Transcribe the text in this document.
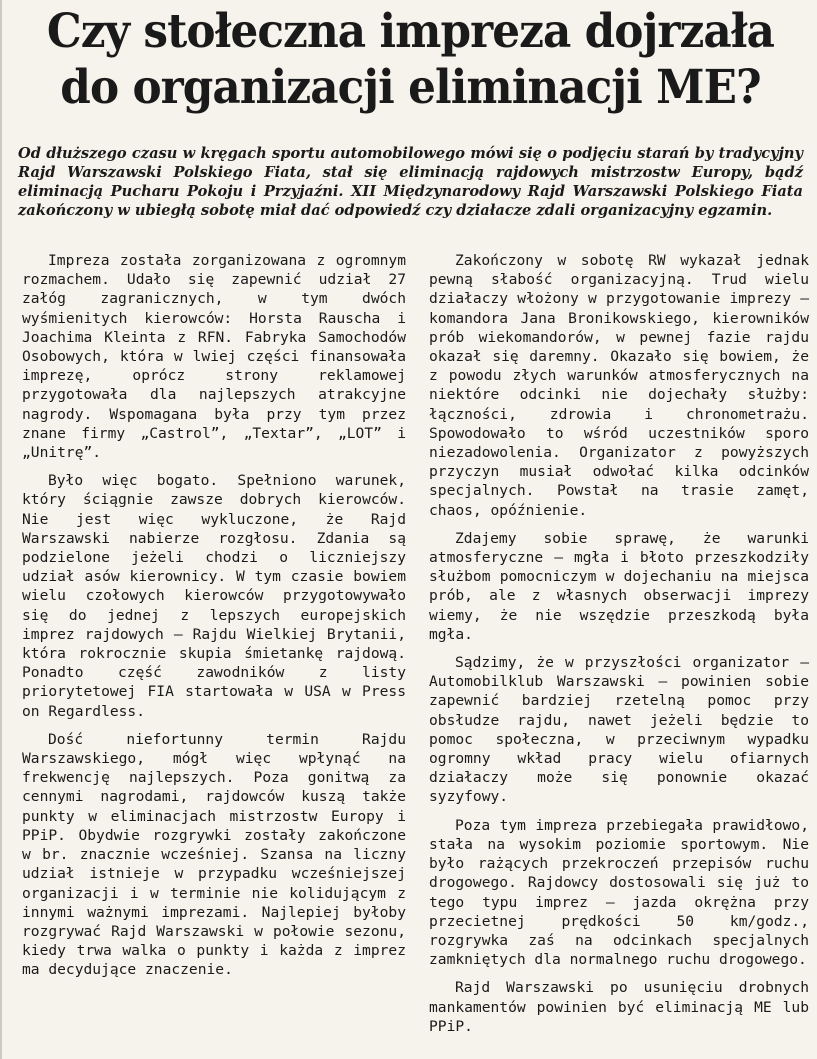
Czy stołeczna impreza dojrzała do organizacji eliminacji ME?

Od dłuższego czasu w kręgach sportu automobilowego mówi się o podjęciu starań by tradycyjny Rajd Warszawski Polskiego Fiata, stał się eliminacją rajdowych mistrzostw Europy, bądź eliminacją Pucharu Pokoju i Przyjaźni. XII Międzynarodowy Rajd Warszawski Polskiego Fiata zakończony w ubiegłą sobotę miał dać odpowiedź czy działacze zdali organizacyjny egzamin.

Impreza została zorganizowana z ogromnym rozmachem. Udało się zapewnić udział 27 załóg zagranicznych, w tym dwóch wyśmienitych kierowców: Horsta Rauscha i Joachima Kleinta z RFN. Fabryka Samochodów Osobowych, która w lwiej części finansowała imprezę, oprócz strony reklamowej przygotowała dla najlepszych atrakcyjne nagrody. Wspomagana była przy tym przez znane firmy „Castrol”, „Textar”, „LOT” i „Unitrę”.

Było więc bogato. Spełniono warunek, który ściągnie zawsze dobrych kierowców. Nie jest więc wykluczone, że Rajd Warszawski nabierze rozgłosu. Zdania są podzielone jeżeli chodzi o liczniejszy udział asów kierownicy. W tym czasie bowiem wielu czołowych kierowców przygotowywało się do jednej z lepszych europejskich imprez rajdowych — Rajdu Wielkiej Brytanii, która rokrocznie skupia śmietankę rajdową. Ponadto część zawodników z listy priorytetowej FIA startowała w USA w Press on Regardless.

Dość niefortunny termin Rajdu Warszawskiego, mógł więc wpłynąć na frekwencję najlepszych. Poza gonitwą za cennymi nagrodami, rajdowców kuszą także punkty w eliminacjach mistrzostw Europy i PPiP. Obydwie rozgrywki zostały zakończone w br. znacznie wcześniej. Szansa na liczny udział istnieje w przypadku wcześniejszej organizacji i w terminie nie kolidującym z innymi ważnymi imprezami. Najlepiej byłoby rozgrywać Rajd Warszawski w połowie sezonu, kiedy trwa walka o punkty i każda z imprez ma decydujące znaczenie.

Zakończony w sobotę RW wykazał jednak pewną słabość organizacyjną. Trud wielu działaczy włożony w przygotowanie imprezy — komandora Jana Bronikowskiego, kierowników prób wiekomandorów, w pewnej fazie rajdu okazał się daremny. Okazało się bowiem, że z powodu złych warunków atmosferycznych na niektóre odcinki nie dojechały służby: łączności, zdrowia i chronometrażu. Spowodowało to wśród uczestników sporo niezadowolenia. Organizator z powyższych przyczyn musiał odwołać kilka odcinków specjalnych. Powstał na trasie zamęt, chaos, opóźnienie.

Zdajemy sobie sprawę, że warunki atmosferyczne — mgła i błoto przeszkodziły służbom pomocniczym w dojechaniu na miejsca prób, ale z własnych obserwacji imprezy wiemy, że nie wszędzie przeszkodą była mgła.

Sądzimy, że w przyszłości organizator — Automobilklub Warszawski — powinien sobie zapewnić bardziej rzetelną pomoc przy obsłudze rajdu, nawet jeżeli będzie to pomoc społeczna, w przeciwnym wypadku ogromny wkład pracy wielu ofiarnych działaczy może się ponownie okazać syzyfowy.

Poza tym impreza przebiegała prawidłowo, stała na wysokim poziomie sportowym. Nie było rażących przekroczeń przepisów ruchu drogowego. Rajdowcy dostosowali się już to tego typu imprez — jazda okrężna przy przecietnej prędkości 50 km/godz., rozgrywka zaś na odcinkach specjalnych zamkniętych dla normalnego ruchu drogowego.

Rajd Warszawski po usunięciu drobnych mankamentów powinien być eliminacją ME lub PPiP.
